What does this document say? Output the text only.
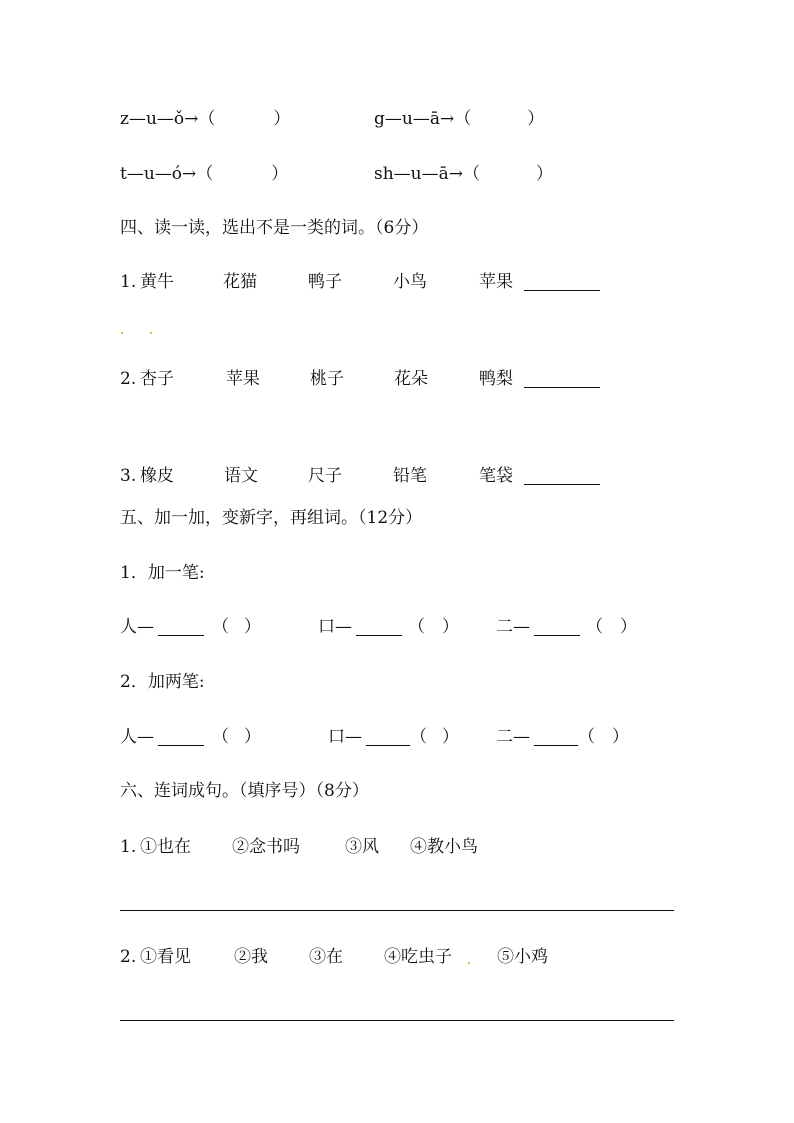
z—u—ǒ→（	）	g—u—ā→（	）
t—u—ó→（	）	sh—u—ā→（	）
四、读一读，选出不是一类的词。（6分）
1. 黄牛	花猫	鸭子	小鸟	苹果
2. 杏子	苹果	桃子	花朵	鸭梨
3. 橡皮	语文	尺子	铅笔	笔袋
五、加一加，变新字，再组词。（12分）
1．加一笔:
人—	（ ）	口—	（ ） 二—	（ ）
2．加两笔:
人—	（ ）	口—	（ ） 二—	（ ）
六、连词成句。（填序号）（8分）
1. ①也在 ②念书吗	③风 ④教小鸟
2. ①看见	②我 ③在 ④吃虫子	⑤小鸡
